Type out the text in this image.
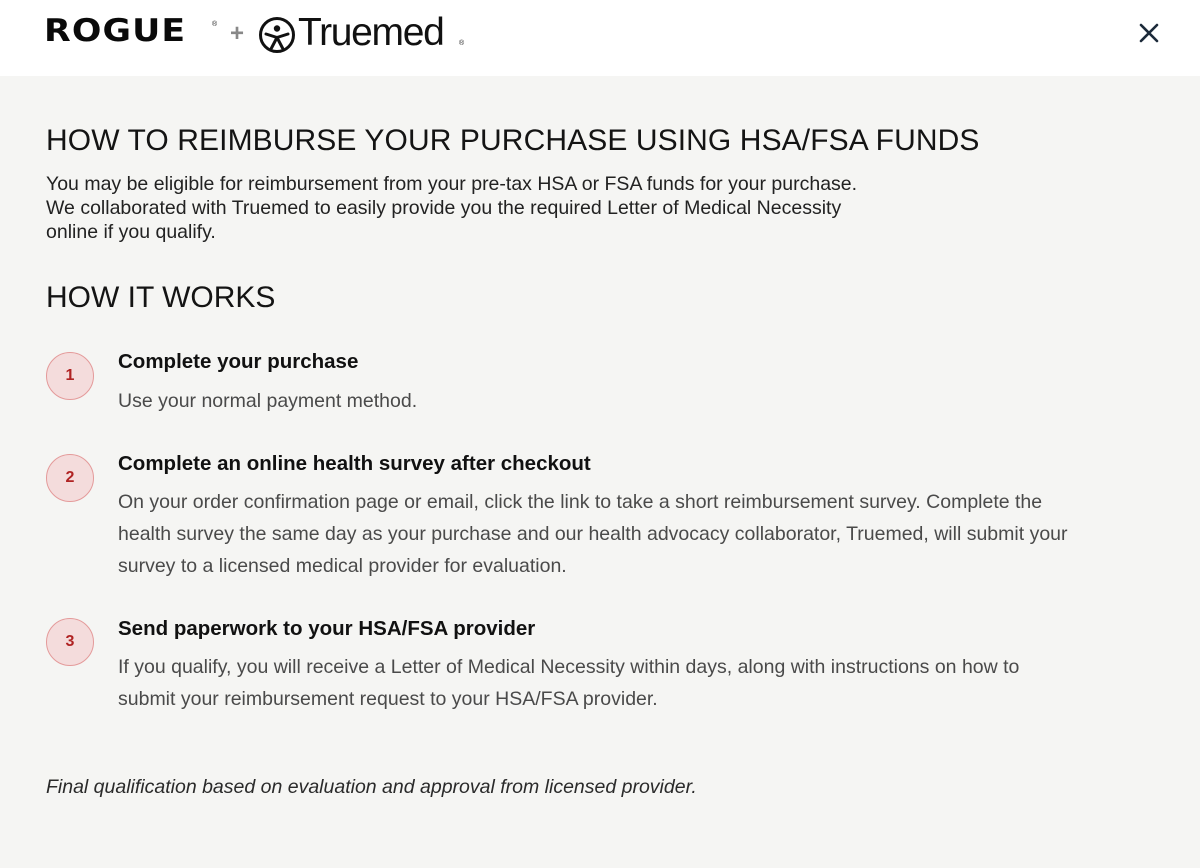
ROGUE	® + Truemed ®
HOW TO REIMBURSE YOUR PURCHASE USING HSA/FSA FUNDS
You may be eligible for reimbursement from your pre-tax HSA or FSA funds for your purchase.
We collaborated with Truemed to easily provide you the required Letter of Medical Necessity
online if you qualify.
HOW IT WORKS
1
Complete your purchase
Use your normal payment method.
2
Complete an online health survey after checkout
On your order confirmation page or email, click the link to take a short reimbursement survey. Complete the
health survey the same day as your purchase and our health advocacy collaborator, Truemed, will submit your
survey to a licensed medical provider for evaluation.
3
Send paperwork to your HSA/FSA provider
If you qualify, you will receive a Letter of Medical Necessity within days, along with instructions on how to
submit your reimbursement request to your HSA/FSA provider.
Final qualification based on evaluation and approval from licensed provider.
